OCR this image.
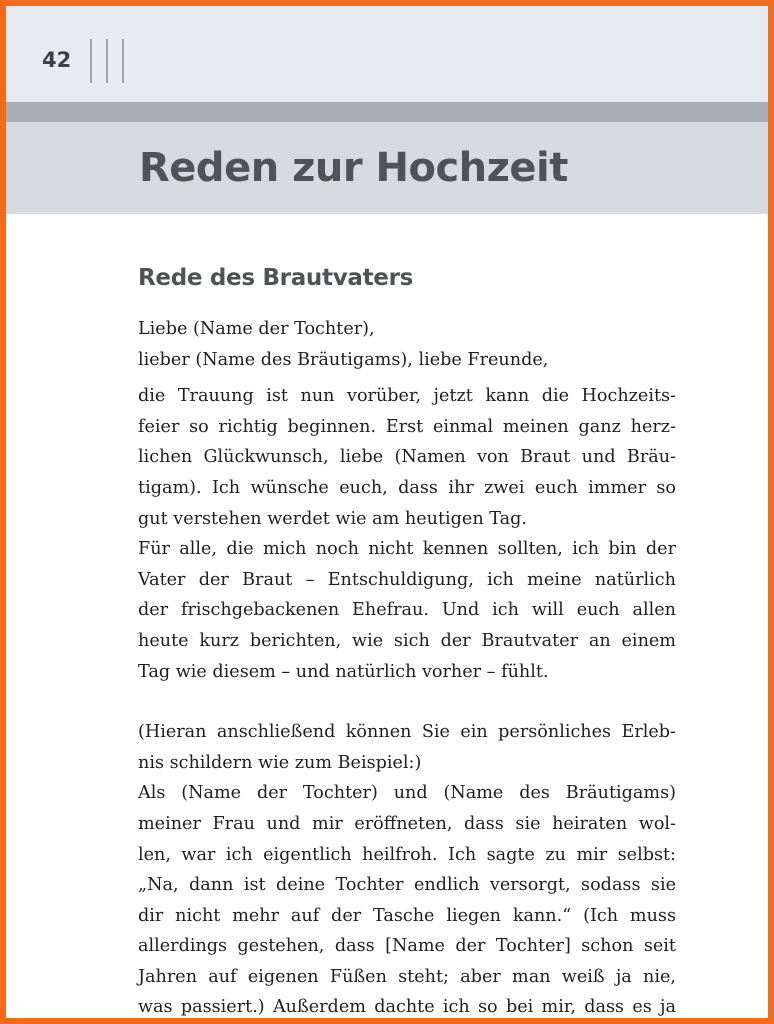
42
Reden zur Hochzeit
Rede des Brautvaters
Liebe (Name der Tochter),
lieber (Name des Bräutigams), liebe Freunde,
die Trauung ist nun vorüber, jetzt kann die Hochzeits-
feier so richtig beginnen. Erst einmal meinen ganz herz-
lichen Glückwunsch, liebe (Namen von Braut und Bräu-
tigam). Ich wünsche euch, dass ihr zwei euch immer so
gut verstehen werdet wie am heutigen Tag.
Für alle, die mich noch nicht kennen sollten, ich bin der
Vater der Braut – Entschuldigung, ich meine natürlich
der frischgebackenen Ehefrau. Und ich will euch allen
heute kurz berichten, wie sich der Brautvater an einem
Tag wie diesem – und natürlich vorher – fühlt.
(Hieran anschließend können Sie ein persönliches Erleb-
nis schildern wie zum Beispiel:)
Als (Name der Tochter) und (Name des Bräutigams)
meiner Frau und mir eröffneten, dass sie heiraten wol-
len, war ich eigentlich heilfroh. Ich sagte zu mir selbst:
„Na, dann ist deine Tochter endlich versorgt, sodass sie
dir nicht mehr auf der Tasche liegen kann.“ (Ich muss
allerdings gestehen, dass [Name der Tochter] schon seit
Jahren auf eigenen Füßen steht; aber man weiß ja nie,
was passiert.) Außerdem dachte ich so bei mir, dass es ja
